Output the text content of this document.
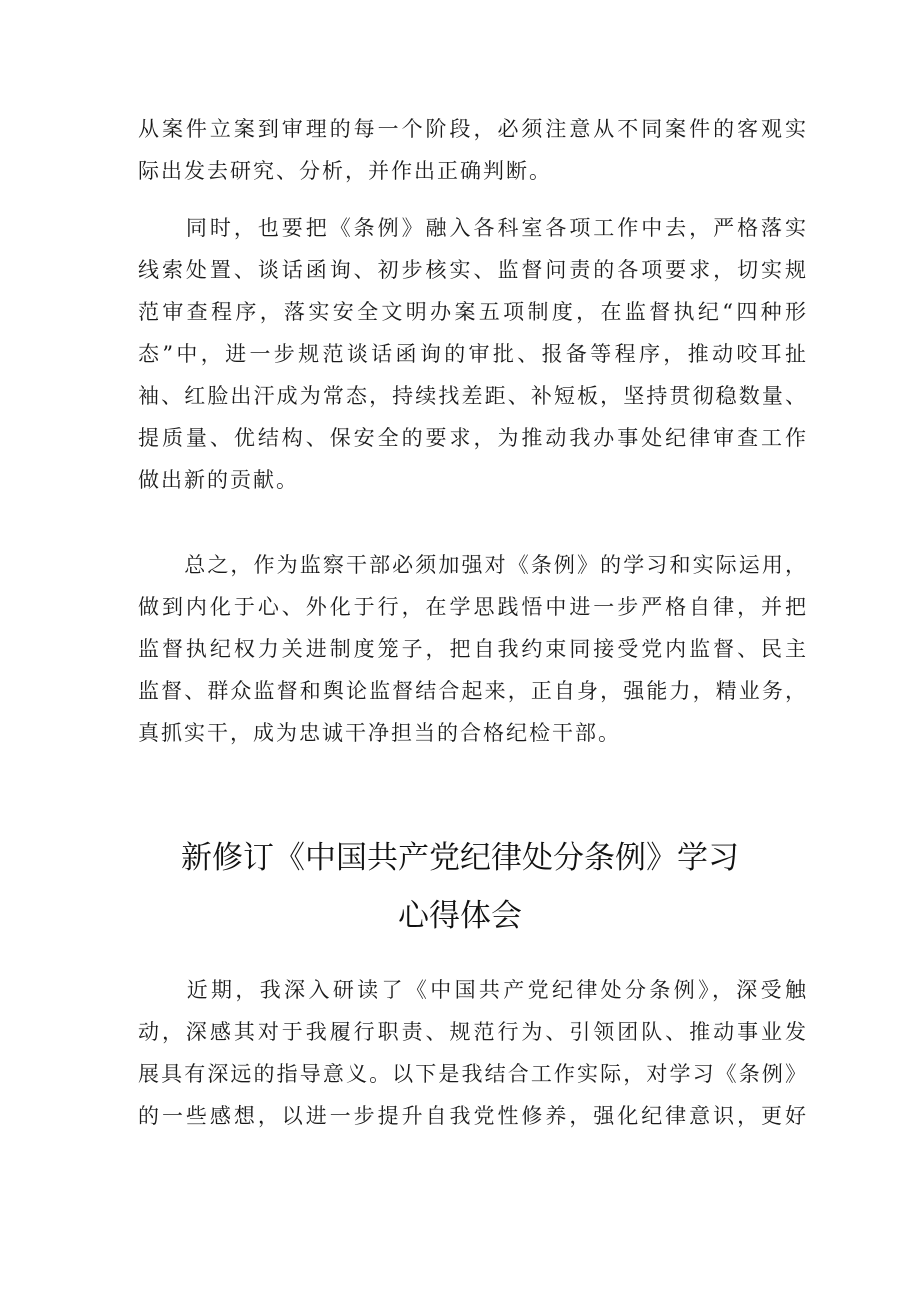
从案件立案到审理的每一个阶段，必须注意从不同案件的客观实
际出发去研究、分析，并作出正确判断。
　　同时，也要把《条例》融入各科室各项工作中去，严格落实
线索处置、谈话函询、初步核实、监督问责的各项要求，切实规
范审查程序，落实安全文明办案五项制度，在监督执纪“四种形
态”中，进一步规范谈话函询的审批、报备等程序，推动咬耳扯
袖、红脸出汗成为常态，持续找差距、补短板，坚持贯彻稳数量、
提质量、优结构、保安全的要求，为推动我办事处纪律审查工作
做出新的贡献。
　　总之，作为监察干部必须加强对《条例》的学习和实际运用，
做到内化于心、外化于行，在学思践悟中进一步严格自律，并把
监督执纪权力关进制度笼子，把自我约束同接受党内监督、民主
监督、群众监督和舆论监督结合起来，正自身，强能力，精业务，
真抓实干，成为忠诚干净担当的合格纪检干部。
新修订《中国共产党纪律处分条例》学习
心得体会
　　近期，我深入研读了《中国共产党纪律处分条例》，深受触
动，深感其对于我履行职责、规范行为、引领团队、推动事业发
展具有深远的指导意义。以下是我结合工作实际，对学习《条例》
的一些感想，以进一步提升自我党性修养，强化纪律意识，更好
